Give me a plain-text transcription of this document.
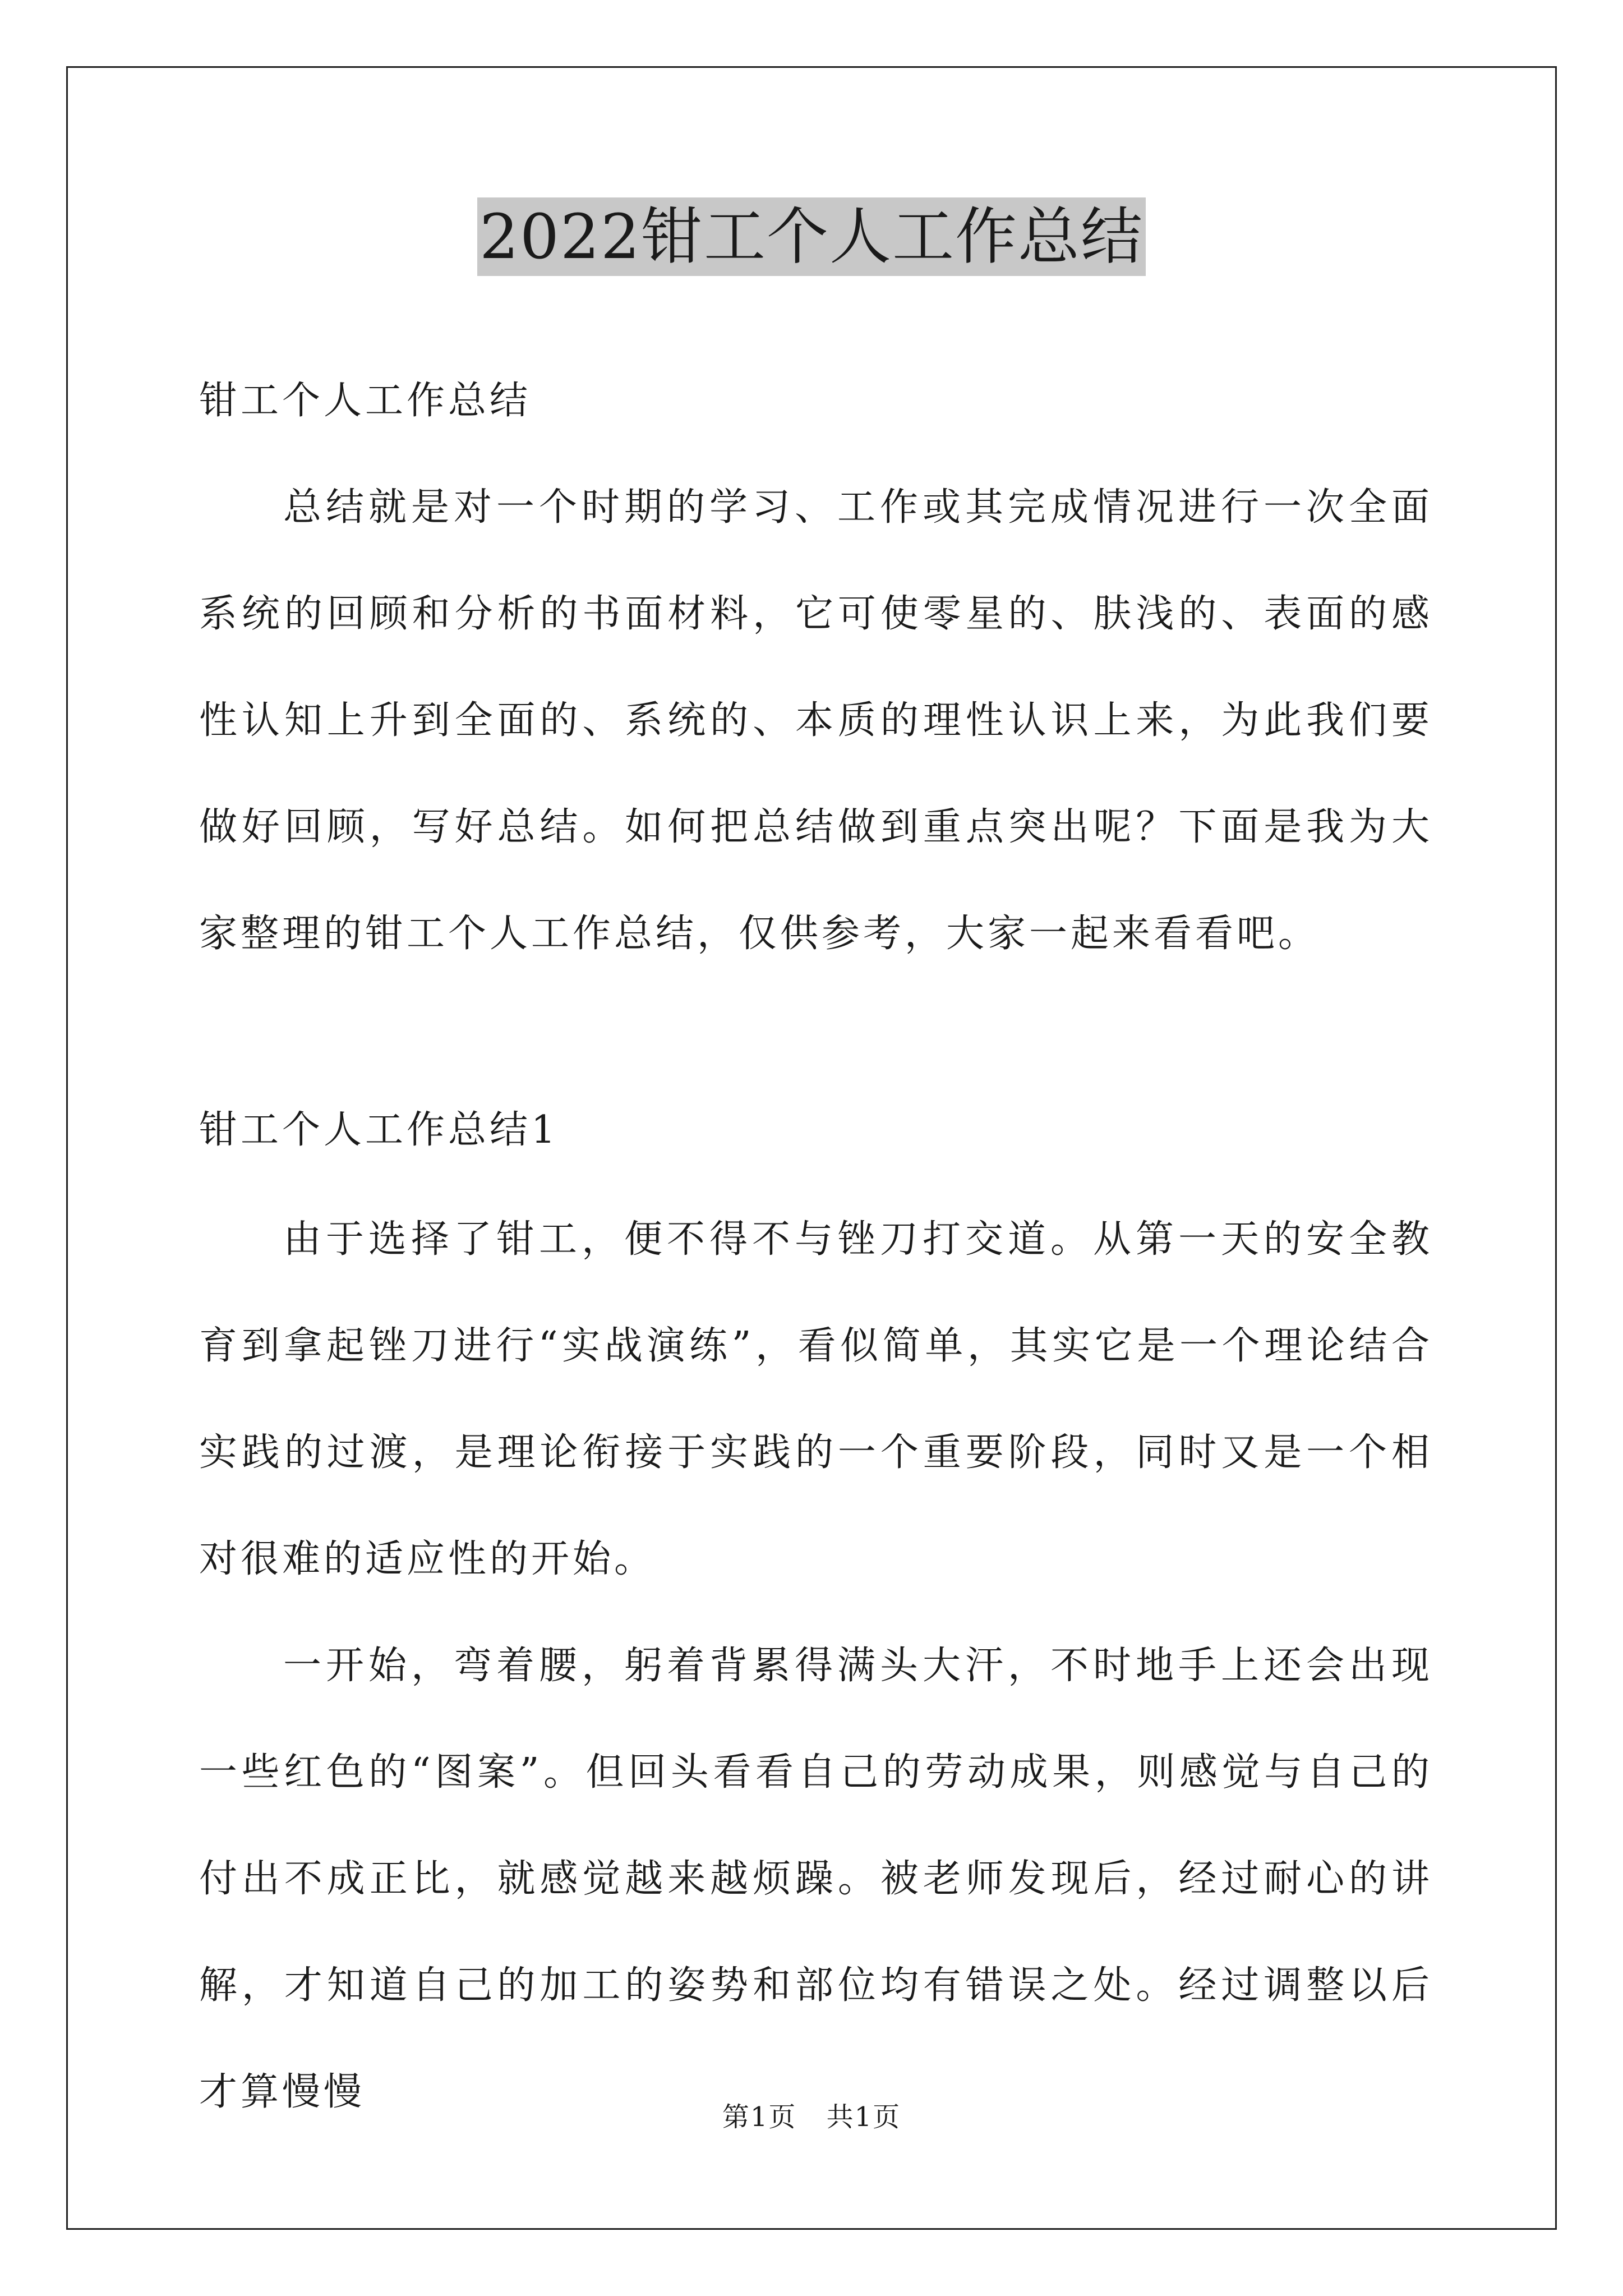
2022钳工个人工作总结

钳工个人工作总结

总结就是对一个时期的学习、工作或其完成情况进行一次全面系统的回顾和分析的书面材料，它可使零星的、肤浅的、表面的感性认知上升到全面的、系统的、本质的理性认识上来，为此我们要做好回顾，写好总结。如何把总结做到重点突出呢？下面是我为大家整理的钳工个人工作总结，仅供参考，大家一起来看看吧。

钳工个人工作总结1

由于选择了钳工，便不得不与锉刀打交道。从第一天的安全教育到拿起锉刀进行“实战演练”，看似简单，其实它是一个理论结合实践的过渡，是理论衔接于实践的一个重要阶段，同时又是一个相对很难的适应性的开始。

一开始，弯着腰，躬着背累得满头大汗，不时地手上还会出现一些红色的“图案”。但回头看看自己的劳动成果，则感觉与自己的付出不成正比，就感觉越来越烦躁。被老师发现后，经过耐心的讲解，才知道自己的加工的姿势和部位均有错误之处。经过调整以后才算慢慢

第1页 共1页
